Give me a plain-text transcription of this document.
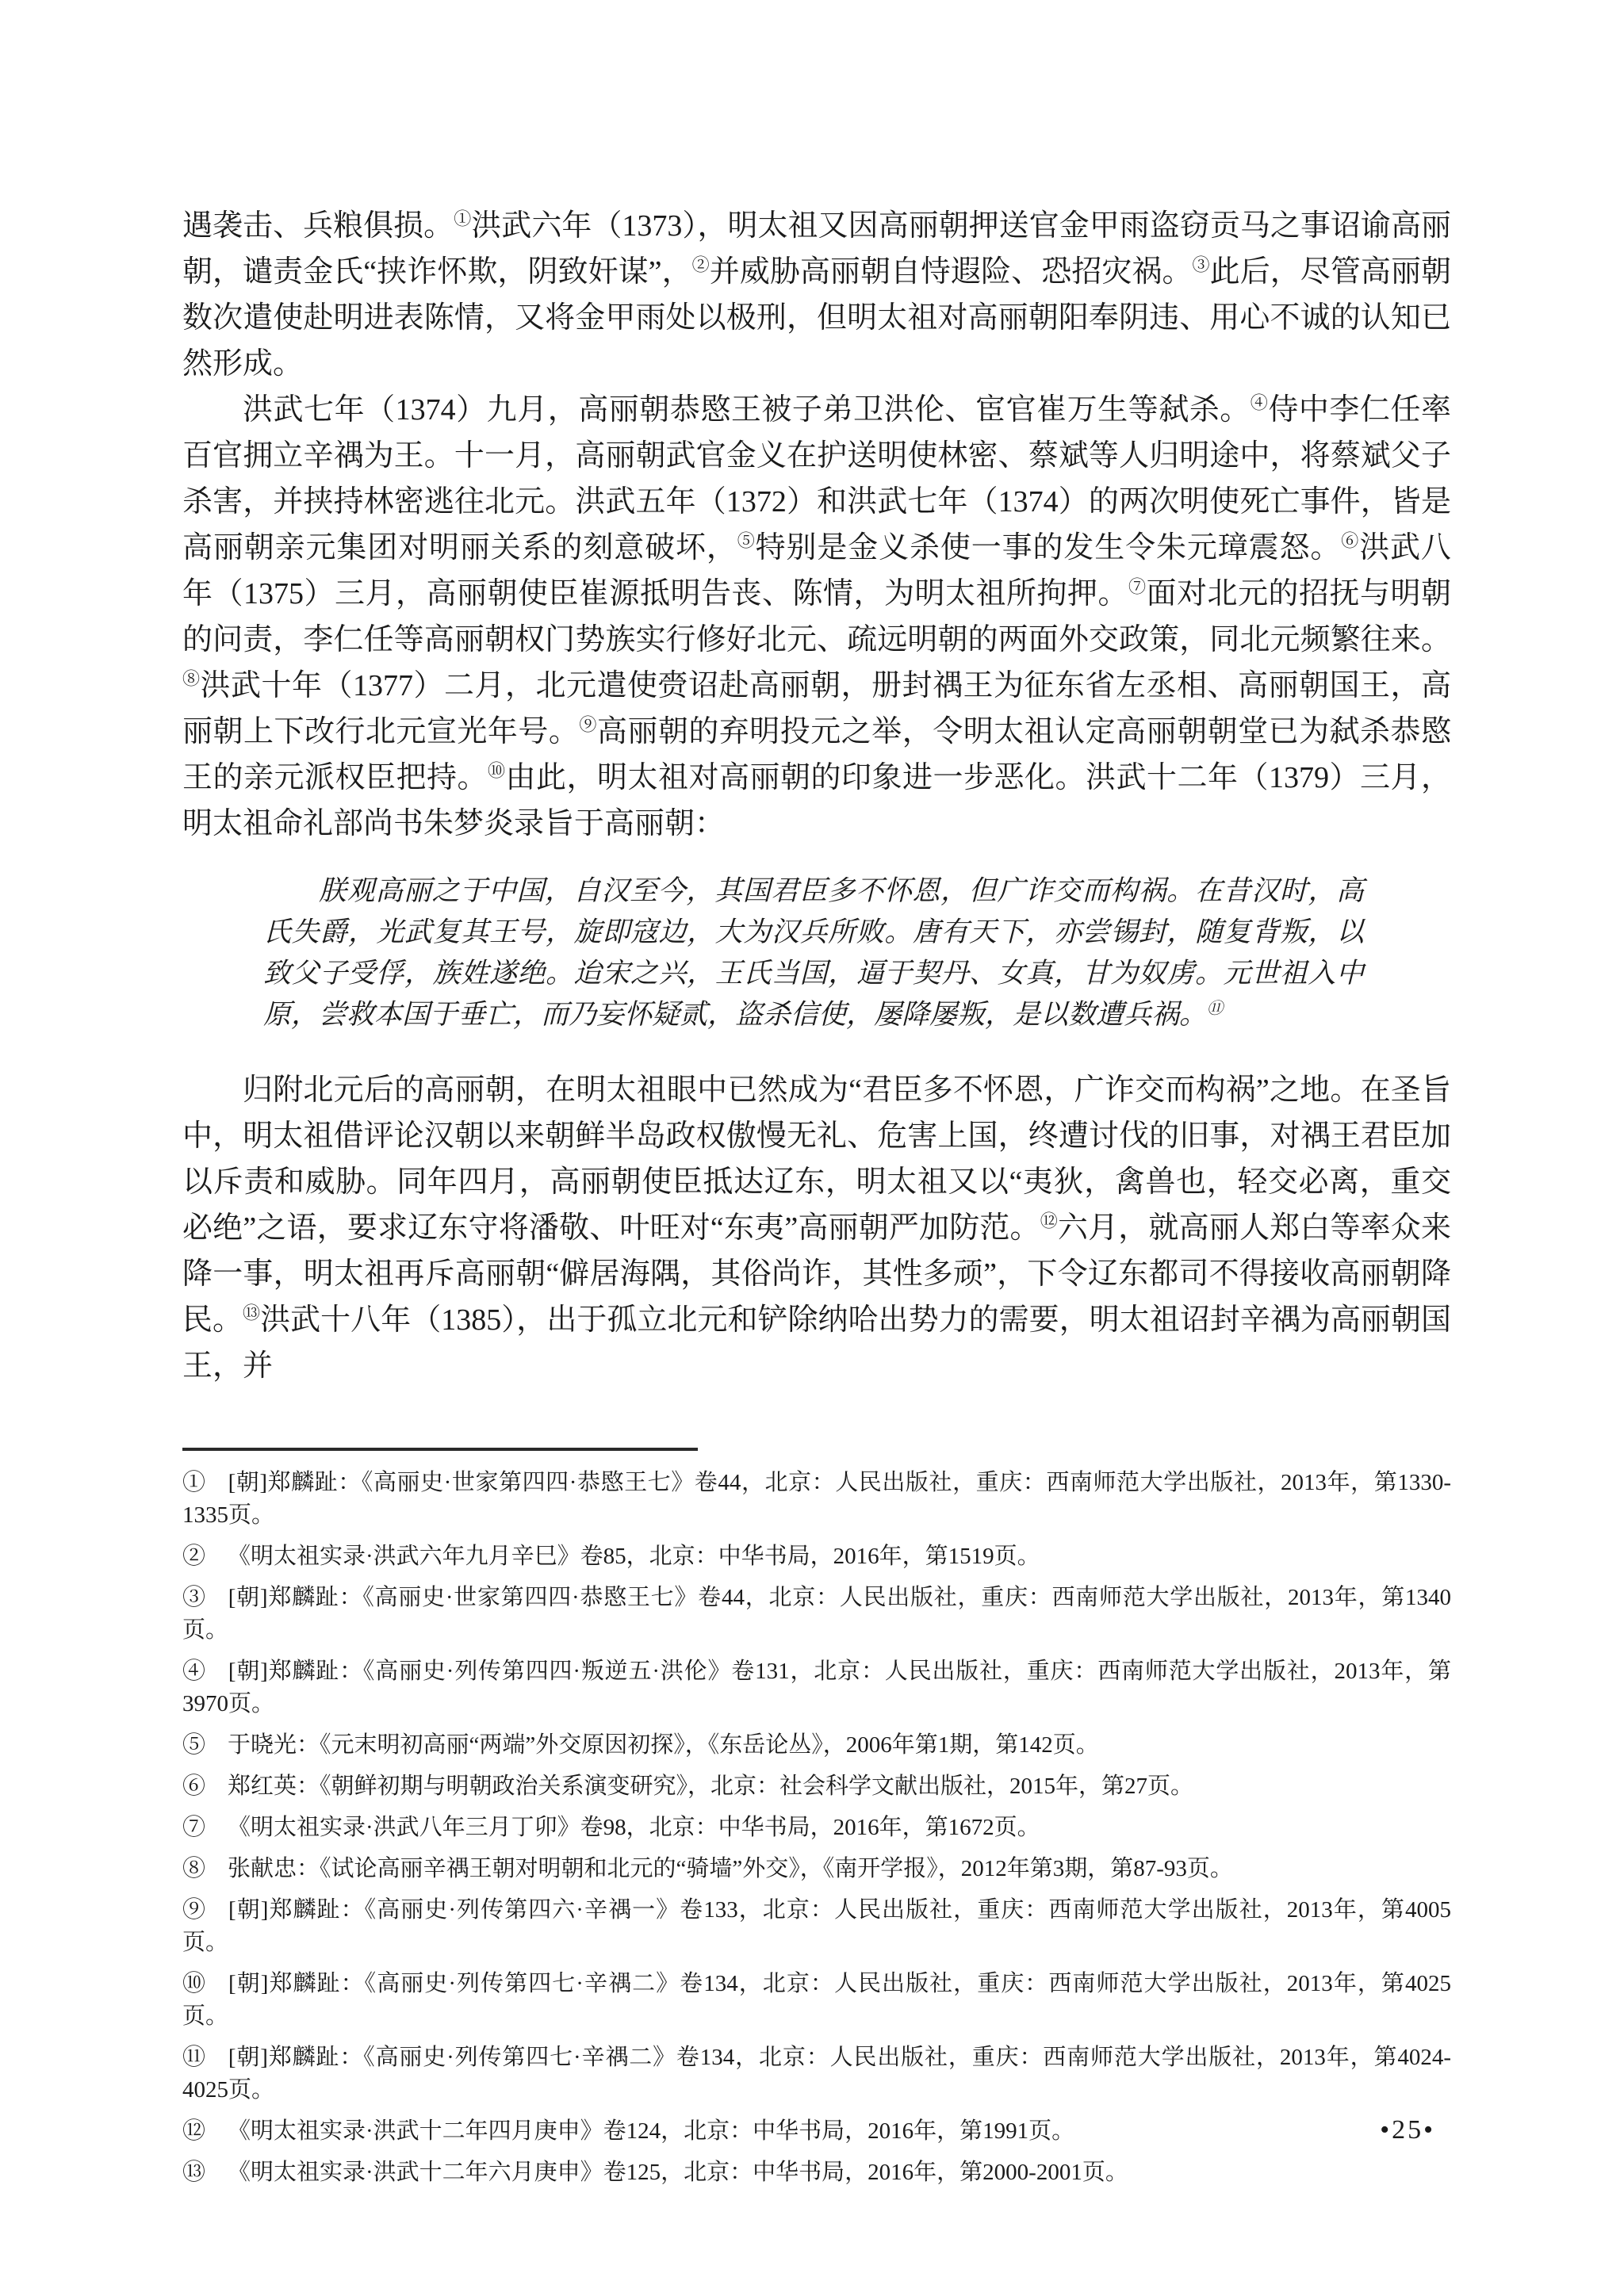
遇袭击、兵粮俱损。①洪武六年（1373），明太祖又因高丽朝押送官金甲雨盗窃贡马之事诏谕高丽朝，谴责金氏“挟诈怀欺，阴致奸谋”，②并威胁高丽朝自恃遐险、恐招灾祸。③此后，尽管高丽朝数次遣使赴明进表陈情，又将金甲雨处以极刑，但明太祖对高丽朝阳奉阴违、用心不诚的认知已然形成。

洪武七年（1374）九月，高丽朝恭愍王被子弟卫洪伦、宦官崔万生等弑杀。④侍中李仁任率百官拥立辛禑为王。十一月，高丽朝武官金义在护送明使林密、蔡斌等人归明途中，将蔡斌父子杀害，并挟持林密逃往北元。洪武五年（1372）和洪武七年（1374）的两次明使死亡事件，皆是高丽朝亲元集团对明丽关系的刻意破坏，⑤特别是金义杀使一事的发生令朱元璋震怒。⑥洪武八年（1375）三月，高丽朝使臣崔源抵明告丧、陈情，为明太祖所拘押。⑦面对北元的招抚与明朝的问责，李仁任等高丽朝权门势族实行修好北元、疏远明朝的两面外交政策，同北元频繁往来。⑧洪武十年（1377）二月，北元遣使赍诏赴高丽朝，册封禑王为征东省左丞相、高丽朝国王，高丽朝上下改行北元宣光年号。⑨高丽朝的弃明投元之举，令明太祖认定高丽朝朝堂已为弑杀恭愍王的亲元派权臣把持。⑩由此，明太祖对高丽朝的印象进一步恶化。洪武十二年（1379）三月，明太祖命礼部尚书朱梦炎录旨于高丽朝：

朕观高丽之于中国，自汉至今，其国君臣多不怀恩，但广诈交而构祸。在昔汉时，高氏失爵，光武复其王号，旋即寇边，大为汉兵所败。唐有天下，亦尝锡封，随复背叛，以致父子受俘，族姓遂绝。迨宋之兴，王氏当国，逼于契丹、女真，甘为奴虏。元世祖入中原，尝救本国于垂亡，而乃妄怀疑贰，盗杀信使，屡降屡叛，是以数遭兵祸。⑪

归附北元后的高丽朝，在明太祖眼中已然成为“君臣多不怀恩，广诈交而构祸”之地。在圣旨中，明太祖借评论汉朝以来朝鲜半岛政权傲慢无礼、危害上国，终遭讨伐的旧事，对禑王君臣加以斥责和威胁。同年四月，高丽朝使臣抵达辽东，明太祖又以“夷狄，禽兽也，轻交必离，重交必绝”之语，要求辽东守将潘敬、叶旺对“东夷”高丽朝严加防范。⑫六月，就高丽人郑白等率众来降一事，明太祖再斥高丽朝“僻居海隅，其俗尚诈，其性多顽”，下令辽东都司不得接收高丽朝降民。⑬洪武十八年（1385），出于孤立北元和铲除纳哈出势力的需要，明太祖诏封辛禑为高丽朝国王，并

① [朝]郑麟趾：《高丽史·世家第四四·恭愍王七》卷44，北京：人民出版社，重庆：西南师范大学出版社，2013年，第1330-1335页。

② 《明太祖实录·洪武六年九月辛巳》卷85，北京：中华书局，2016年，第1519页。

③ [朝]郑麟趾：《高丽史·世家第四四·恭愍王七》卷44，北京：人民出版社，重庆：西南师范大学出版社，2013年，第1340页。

④ [朝]郑麟趾：《高丽史·列传第四四·叛逆五·洪伦》卷131，北京：人民出版社，重庆：西南师范大学出版社，2013年，第3970页。

⑤ 于晓光：《元末明初高丽“两端”外交原因初探》，《东岳论丛》，2006年第1期，第142页。

⑥ 郑红英：《朝鲜初期与明朝政治关系演变研究》，北京：社会科学文献出版社，2015年，第27页。

⑦ 《明太祖实录·洪武八年三月丁卯》卷98，北京：中华书局，2016年，第1672页。

⑧ 张献忠：《试论高丽辛禑王朝对明朝和北元的“骑墙”外交》，《南开学报》，2012年第3期，第87-93页。

⑨ [朝]郑麟趾：《高丽史·列传第四六·辛禑一》卷133，北京：人民出版社，重庆：西南师范大学出版社，2013年，第4005页。

⑩ [朝]郑麟趾：《高丽史·列传第四七·辛禑二》卷134，北京：人民出版社，重庆：西南师范大学出版社，2013年，第4025页。

⑪ [朝]郑麟趾：《高丽史·列传第四七·辛禑二》卷134，北京：人民出版社，重庆：西南师范大学出版社，2013年，第4024-4025页。

⑫ 《明太祖实录·洪武十二年四月庚申》卷124，北京：中华书局，2016年，第1991页。

⑬ 《明太祖实录·洪武十二年六月庚申》卷125，北京：中华书局，2016年，第2000-2001页。

•25•
